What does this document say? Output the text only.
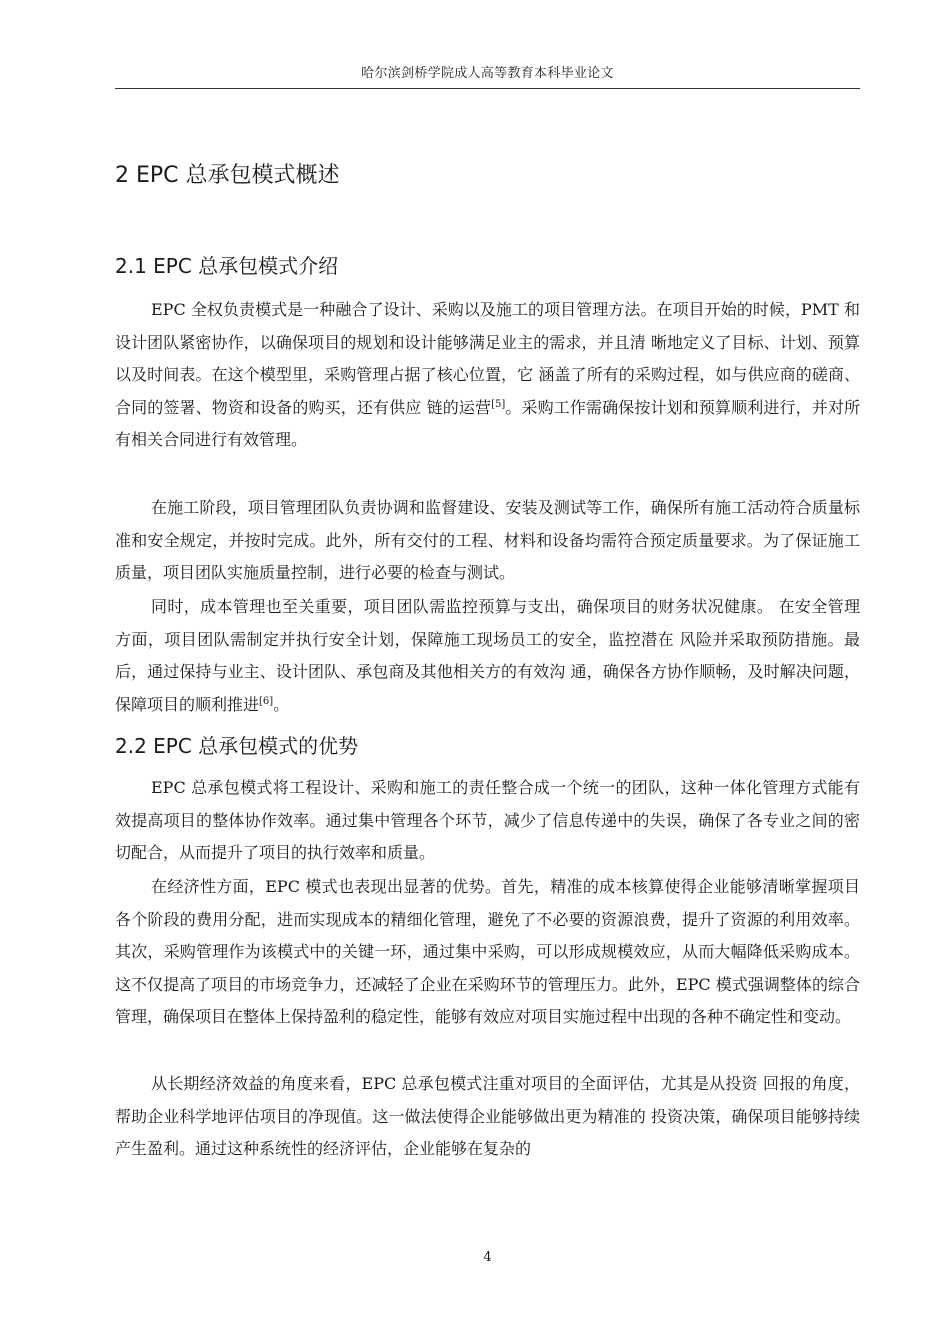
哈尔滨剑桥学院成人高等教育本科毕业论文
2 EPC 总承包模式概述
2.1 EPC 总承包模式介绍

EPC 全权负责模式是一种融合了设计、采购以及施工的项目管理方法。在项目开始的时候，PMT 和设计团队紧密协作，以确保项目的规划和设计能够满足业主的需求，并且清 晰地定义了目标、计划、预算以及时间表。在这个模型里，采购管理占据了核心位置，它 涵盖了所有的采购过程，如与供应商的磋商、合同的签署、物资和设备的购买，还有供应 链的运营[5]。采购工作需确保按计划和预算顺利进行，并对所有相关合同进行有效管理。

在施工阶段，项目管理团队负责协调和监督建设、安装及测试等工作，确保所有施工活动符合质量标准和安全规定，并按时完成。此外，所有交付的工程、材料和设备均需符合预定质量要求。为了保证施工质量，项目团队实施质量控制，进行必要的检查与测试。

同时，成本管理也至关重要，项目团队需监控预算与支出，确保项目的财务状况健康。 在安全管理方面，项目团队需制定并执行安全计划，保障施工现场员工的安全，监控潜在 风险并采取预防措施。最后，通过保持与业主、设计团队、承包商及其他相关方的有效沟 通，确保各方协作顺畅，及时解决问题，保障项目的顺利推进[6]。

2.2 EPC 总承包模式的优势

EPC 总承包模式将工程设计、采购和施工的责任整合成一个统一的团队，这种一体化管理方式能有效提高项目的整体协作效率。通过集中管理各个环节，减少了信息传递中的失误，确保了各专业之间的密切配合，从而提升了项目的执行效率和质量。

在经济性方面，EPC 模式也表现出显著的优势。首先，精准的成本核算使得企业能够清晰掌握项目各个阶段的费用分配，进而实现成本的精细化管理，避免了不必要的资源浪费，提升了资源的利用效率。其次，采购管理作为该模式中的关键一环，通过集中采购，可以形成规模效应，从而大幅降低采购成本。这不仅提高了项目的市场竞争力，还减轻了企业在采购环节的管理压力。此外，EPC 模式强调整体的综合管理，确保项目在整体上保持盈利的稳定性，能够有效应对项目实施过程中出现的各种不确定性和变动。

从长期经济效益的角度来看，EPC 总承包模式注重对项目的全面评估，尤其是从投资 回报的角度，帮助企业科学地评估项目的净现值。这一做法使得企业能够做出更为精准的 投资决策，确保项目能够持续产生盈利。通过这种系统性的经济评估，企业能够在复杂的

4
